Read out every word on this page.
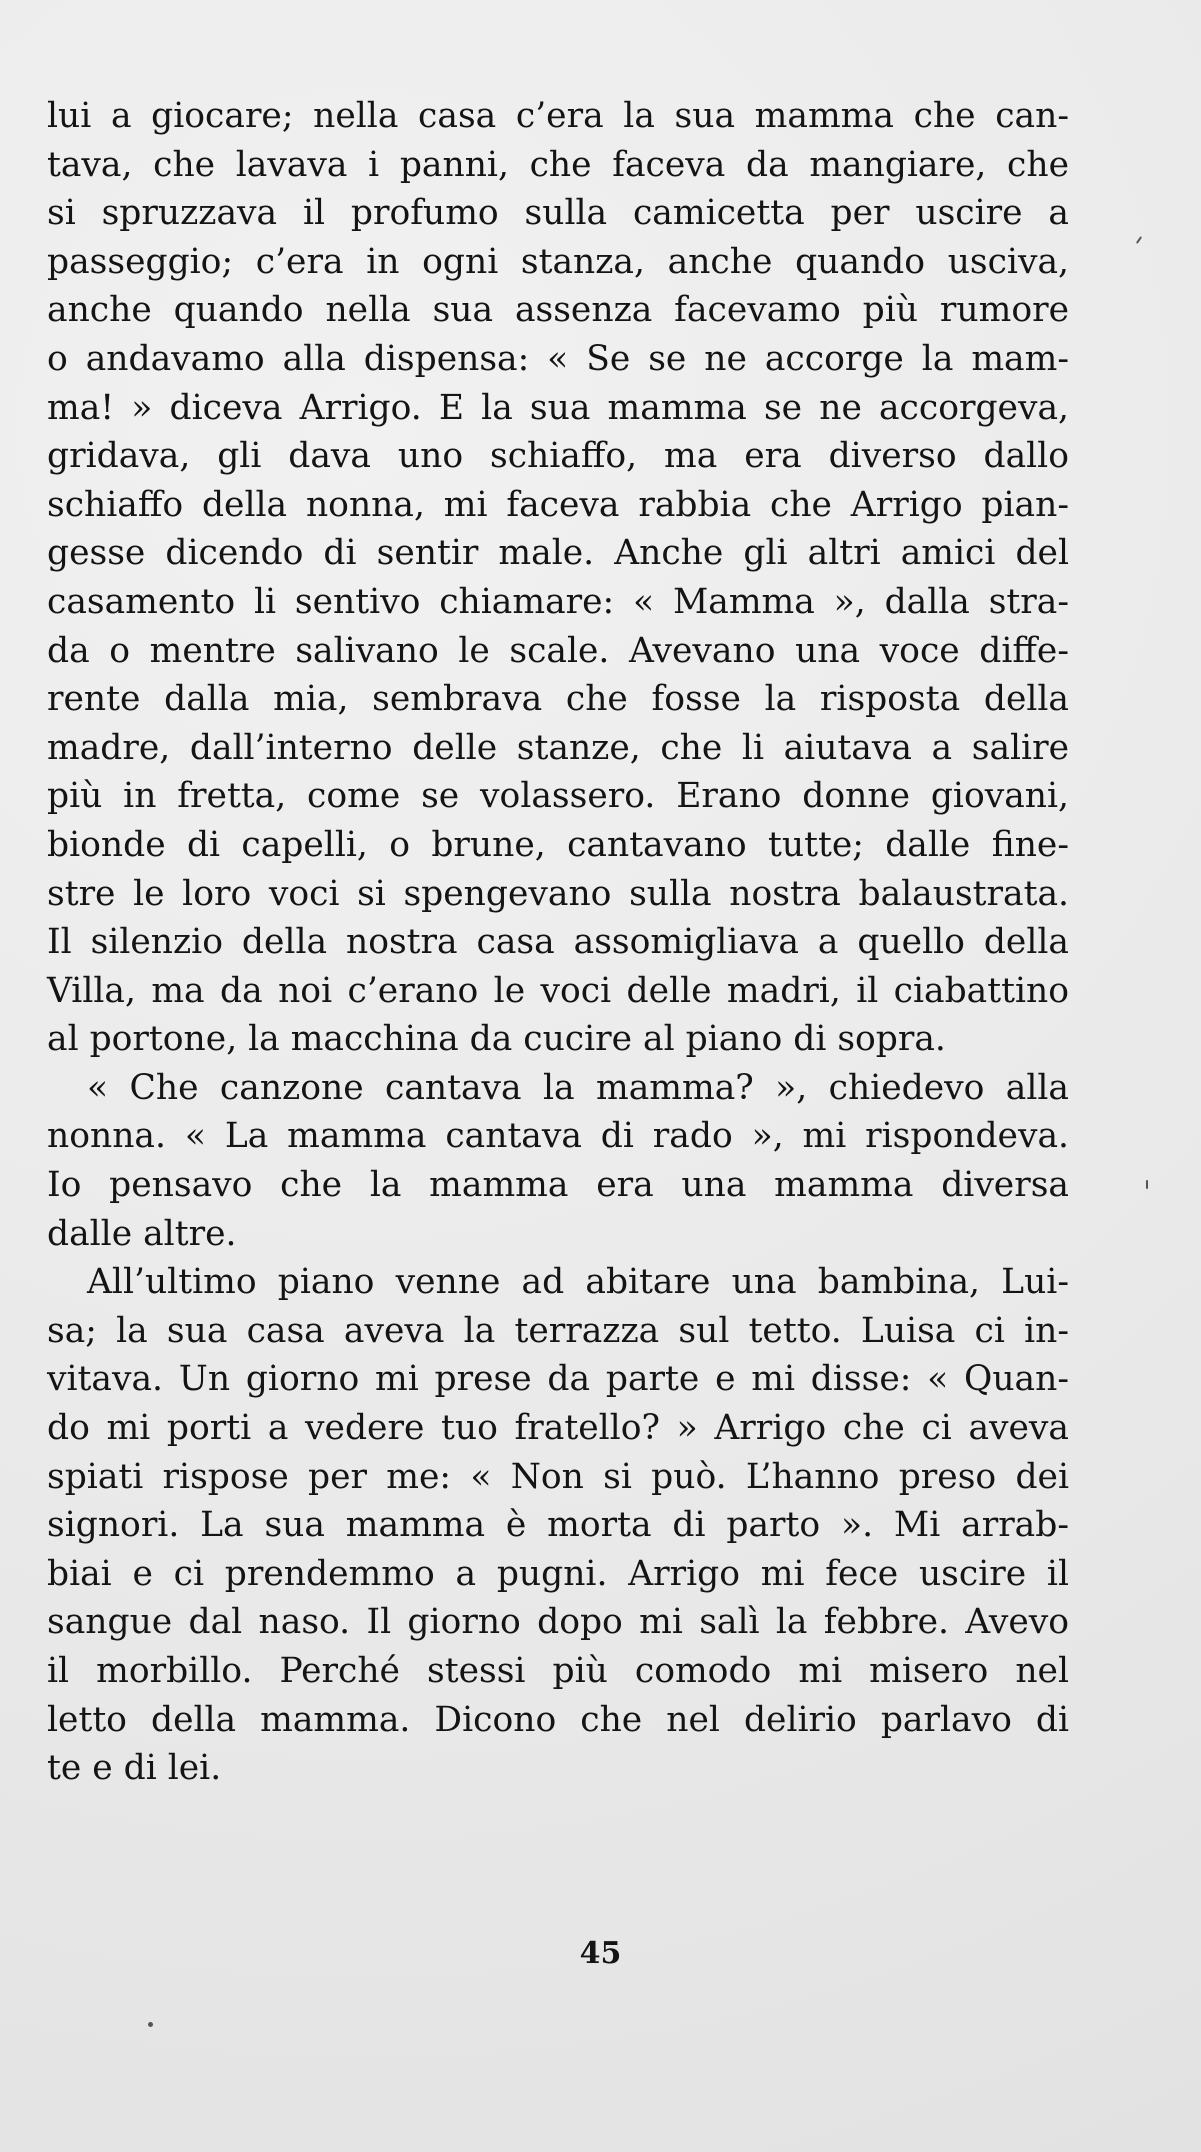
lui a giocare; nella casa c’era la sua mamma che can-
tava, che lavava i panni, che faceva da mangiare, che
si spruzzava il profumo sulla camicetta per uscire a
passeggio; c’era in ogni stanza, anche quando usciva,
anche quando nella sua assenza facevamo più rumore
o andavamo alla dispensa: « Se se ne accorge la mam-
ma! » diceva Arrigo. E la sua mamma se ne accorgeva,
gridava, gli dava uno schiaffo, ma era diverso dallo
schiaffo della nonna, mi faceva rabbia che Arrigo pian-
gesse dicendo di sentir male. Anche gli altri amici del
casamento li sentivo chiamare: « Mamma », dalla stra-
da o mentre salivano le scale. Avevano una voce diffe-
rente dalla mia, sembrava che fosse la risposta della
madre, dall’interno delle stanze, che li aiutava a salire
più in fretta, come se volassero. Erano donne giovani,
bionde di capelli, o brune, cantavano tutte; dalle fine-
stre le loro voci si spengevano sulla nostra balaustrata.
Il silenzio della nostra casa assomigliava a quello della
Villa, ma da noi c’erano le voci delle madri, il ciabattino
al portone, la macchina da cucire al piano di sopra.
« Che canzone cantava la mamma? », chiedevo alla
nonna. « La mamma cantava di rado », mi rispondeva.
Io pensavo che la mamma era una mamma diversa
dalle altre.
All’ultimo piano venne ad abitare una bambina, Lui-
sa; la sua casa aveva la terrazza sul tetto. Luisa ci in-
vitava. Un giorno mi prese da parte e mi disse: « Quan-
do mi porti a vedere tuo fratello? » Arrigo che ci aveva
spiati rispose per me: « Non si può. L’hanno preso dei
signori. La sua mamma è morta di parto ». Mi arrab-
biai e ci prendemmo a pugni. Arrigo mi fece uscire il
sangue dal naso. Il giorno dopo mi salì la febbre. Avevo
il morbillo. Perché stessi più comodo mi misero nel
letto della mamma. Dicono che nel delirio parlavo di
te e di lei.
45
